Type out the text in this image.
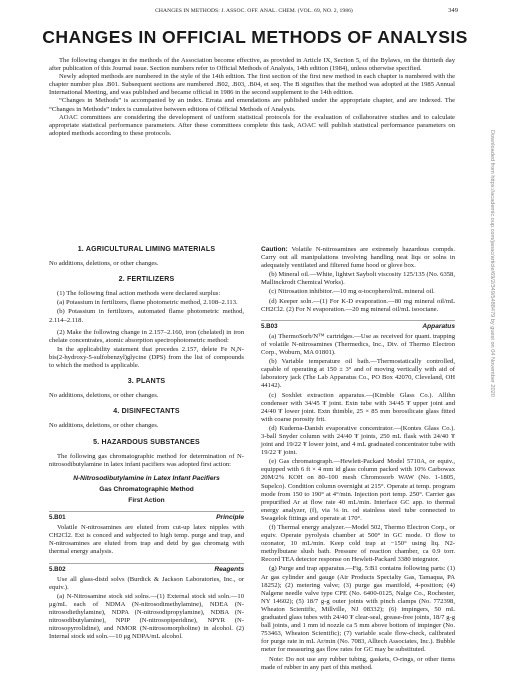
CHANGES IN METHODS: J. ASSOC. OFF. ANAL. CHEM. (VOL. 69, NO. 2, 1986)	349
CHANGES IN OFFICIAL METHODS OF ANALYSIS

The following changes in the methods of the Association become effective, as provided in Article IX, Section 5, of the Bylaws, on the thirtieth day after publication of this Journal issue. Section numbers refer to Official Methods of Analysis, 14th edition (1984), unless otherwise specified.

Newly adopted methods are numbered in the style of the 14th edition. The first section of the first new method in each chapter is numbered with the chapter number plus .B01. Subsequent sections are numbered .B02, .B03, .B04, et seq. The B signifies that the method was adopted at the 1985 Annual International Meeting, and was published and became official in 1986 in the second supplement to the 14th edition.

“Changes in Methods” is accompanied by an index. Errata and emendations are published under the appropriate chapter, and are indexed. The “Changes in Methods” index is cumulative between editions of Official Methods of Analysis.

AOAC committees are considering the development of uniform statistical protocols for the evaluation of collaborative studies and to calculate appropriate statistical performance parameters. After these committees complete this task, AOAC will publish statistical performance parameters on adopted methods according to these protocols.	Downloaded from https://academic.oup.com/jaoac/article/69/2/349/5488479 by guest on 04 November 2020
1. AGRICULTURAL LIMING MATERIALS
No additions, deletions, or other changes.
2. FERTILIZERS
(1) The following final action methods were declared surplus:
(a) Potassium in fertilizers, flame photometric method, 2.108–2.113.
(b) Potassium in fertilizers, automated flame photometric method, 2.114–2.118.
(2) Make the following change in 2.157–2.160, iron (chelated) in iron chelate concentrates, atomic absorption spectrophotometric method:
In the applicability statement that precedes 2.157, delete Fe N,N-bis(2-hydroxy-5-sulfobenzyl)glycine (DPS) from the list of compounds to which the method is applicable.
3. PLANTS
No additions, deletions, or other changes.
4. DISINFECTANTS
No additions, deletions, or other changes.
5. HAZARDOUS SUBSTANCES
The following gas chromatographic method for determination of N-nitrosodibutylamine in latex infant pacifiers was adopted first action:
N-Nitrosodibutylamine in Latex Infant Pacifiers
Gas Chromatographic Method
First Action
5.B01	Principle
Volatile N-nitrosamines are eluted from cut-up latex nipples with CH2Cl2. Ext is conced and subjected to high temp. purge and trap, and N-nitrosamines are eluted from trap and detd by gas chromatg with thermal energy analysis.
5.B02	Reagents
Use all glass-distd solvs (Burdick & Jackson Laboratories, Inc., or equiv.).
(a) N-Nitrosamine stock std solns.—(1) External stock std soln.—10 μg/mL each of NDMA (N-nitrosodimethylamine), NDEA (N-nitrosodiethylamine), NDPA (N-nitrosodipropylamine), NDBA (N-nitrosodibutylamine), NPIP (N-nitrosopiperidine), NPYR (N-nitrosopyrrolidine), and NMOR (N-nitrosomorpholine) in alcohol. (2) Internal stock std soln.—10 μg NDPA/mL alcohol.
Caution: Volatile N-nitrosamines are extremely hazardous compds. Carry out all manipulations involving handling neat liqs or solns in adequately ventilated and filtered fume hood or glove box.
(b) Mineral oil.—White, lightwt Saybolt viscosity 125/135 (No. 6358, Mallinckrodt Chemical Works).
(c) Nitrosation inhibitor.—10 mg α-tocopherol/mL mineral oil.
(d) Keeper soln.—(1) For K-D evaporation.—80 mg mineral oil/mL CH2Cl2. (2) For N evaporation.—20 mg mineral oil/mL isooctane.
5.B03	Apparatus
(a) ThermoSorb/N™ cartridges.—Use as received for quant. trapping of volatile N-nitrosamines (Thermedics, Inc., Div. of Thermo Electron Corp., Woburn, MA 01801).
(b) Variable temperature oil bath.—Thermostatically controlled, capable of operating at 150 ± 3° and of moving vertically with aid of laboratory jack (The Lab Apparatus Co., PO Box 42070, Cleveland, OH 44142).
(c) Soxhlet extraction apparatus.—(Kimble Glass Co.). Allihn condenser with 34/45 ₮ joint. Extn tube with 34/45 ₮ upper joint and 24/40 ₮ lower joint. Extn thimble, 25 × 85 mm borosilicate glass fitted with coarse porosity frit.
(d) Kuderna-Danish evaporative concentrator.—(Kontes Glass Co.). 3-ball Snyder column with 24/40 ₮ joints, 250 mL flask with 24/40 ₮ joint and 19/22 ₮ lower joint, and 4 mL graduated concentrator tube with 19/22 ₮ joint.
(e) Gas chromatograph.—Hewlett-Packard Model 5710A, or equiv., equipped with 6 ft × 4 mm id glass column packed with 10% Carbowax 20M/2% KOH on 80–100 mesh Chromosorb WAW (No. 1-1805, Supelco). Condition column overnight at 215°. Operate at temp. program mode from 150 to 190° at 4°/min. Injection port temp. 250°. Carrier gas prepurified Ar at flow rate 40 mL/min. Interface GC app. to thermal energy analyzer, (f), via ⅛ in. od stainless steel tube connected to Swagelok fittings and operate at 170°.
(f) Thermal energy analyzer.—Model 502, Thermo Electron Corp., or equiv. Operate pyrolysis chamber at 500° in GC mode. O flow to ozonator, 10 mL/min. Keep cold trap at −150° using liq. N2-methylbutane slush bath. Pressure of reaction chamber, ca 0.9 torr. Record TEA detector response on Hewlett-Packard 3380 integrator.
(g) Purge and trap apparatus.—Fig. 5:B1 contains following parts: (1) Ar gas cylinder and gauge (Air Products Specialty Gas, Tamaqua, PA 18252); (2) metering valve; (3) purge gas manifold, 4-position; (4) Nalgene needle valve type CPE (No. 6400-0125, Nalge Co., Rochester, NY 14602); (5) 18/7 g-g outer joints with pinch clamps (No. 772398, Wheaton Scientific, Millville, NJ 08332); (6) impingers, 50 mL graduated glass tubes with 24/40 ₮ clear-seal, grease-free joints, 18/7 g-g ball joints, and 1 mm id nozzle ca 5 mm above bottom of impinger (No. 753463, Wheaton Scientific); (7) variable scale flow-check, calibrated for purge rate in mL Ar/min (No. 7083, Alltech Associates, Inc.). Bubble meter for measuring gas flow rates for GC may be substituted.
Note: Do not use any rubber tubing, gaskets, O-rings, or other items made of rubber in any part of this method.
